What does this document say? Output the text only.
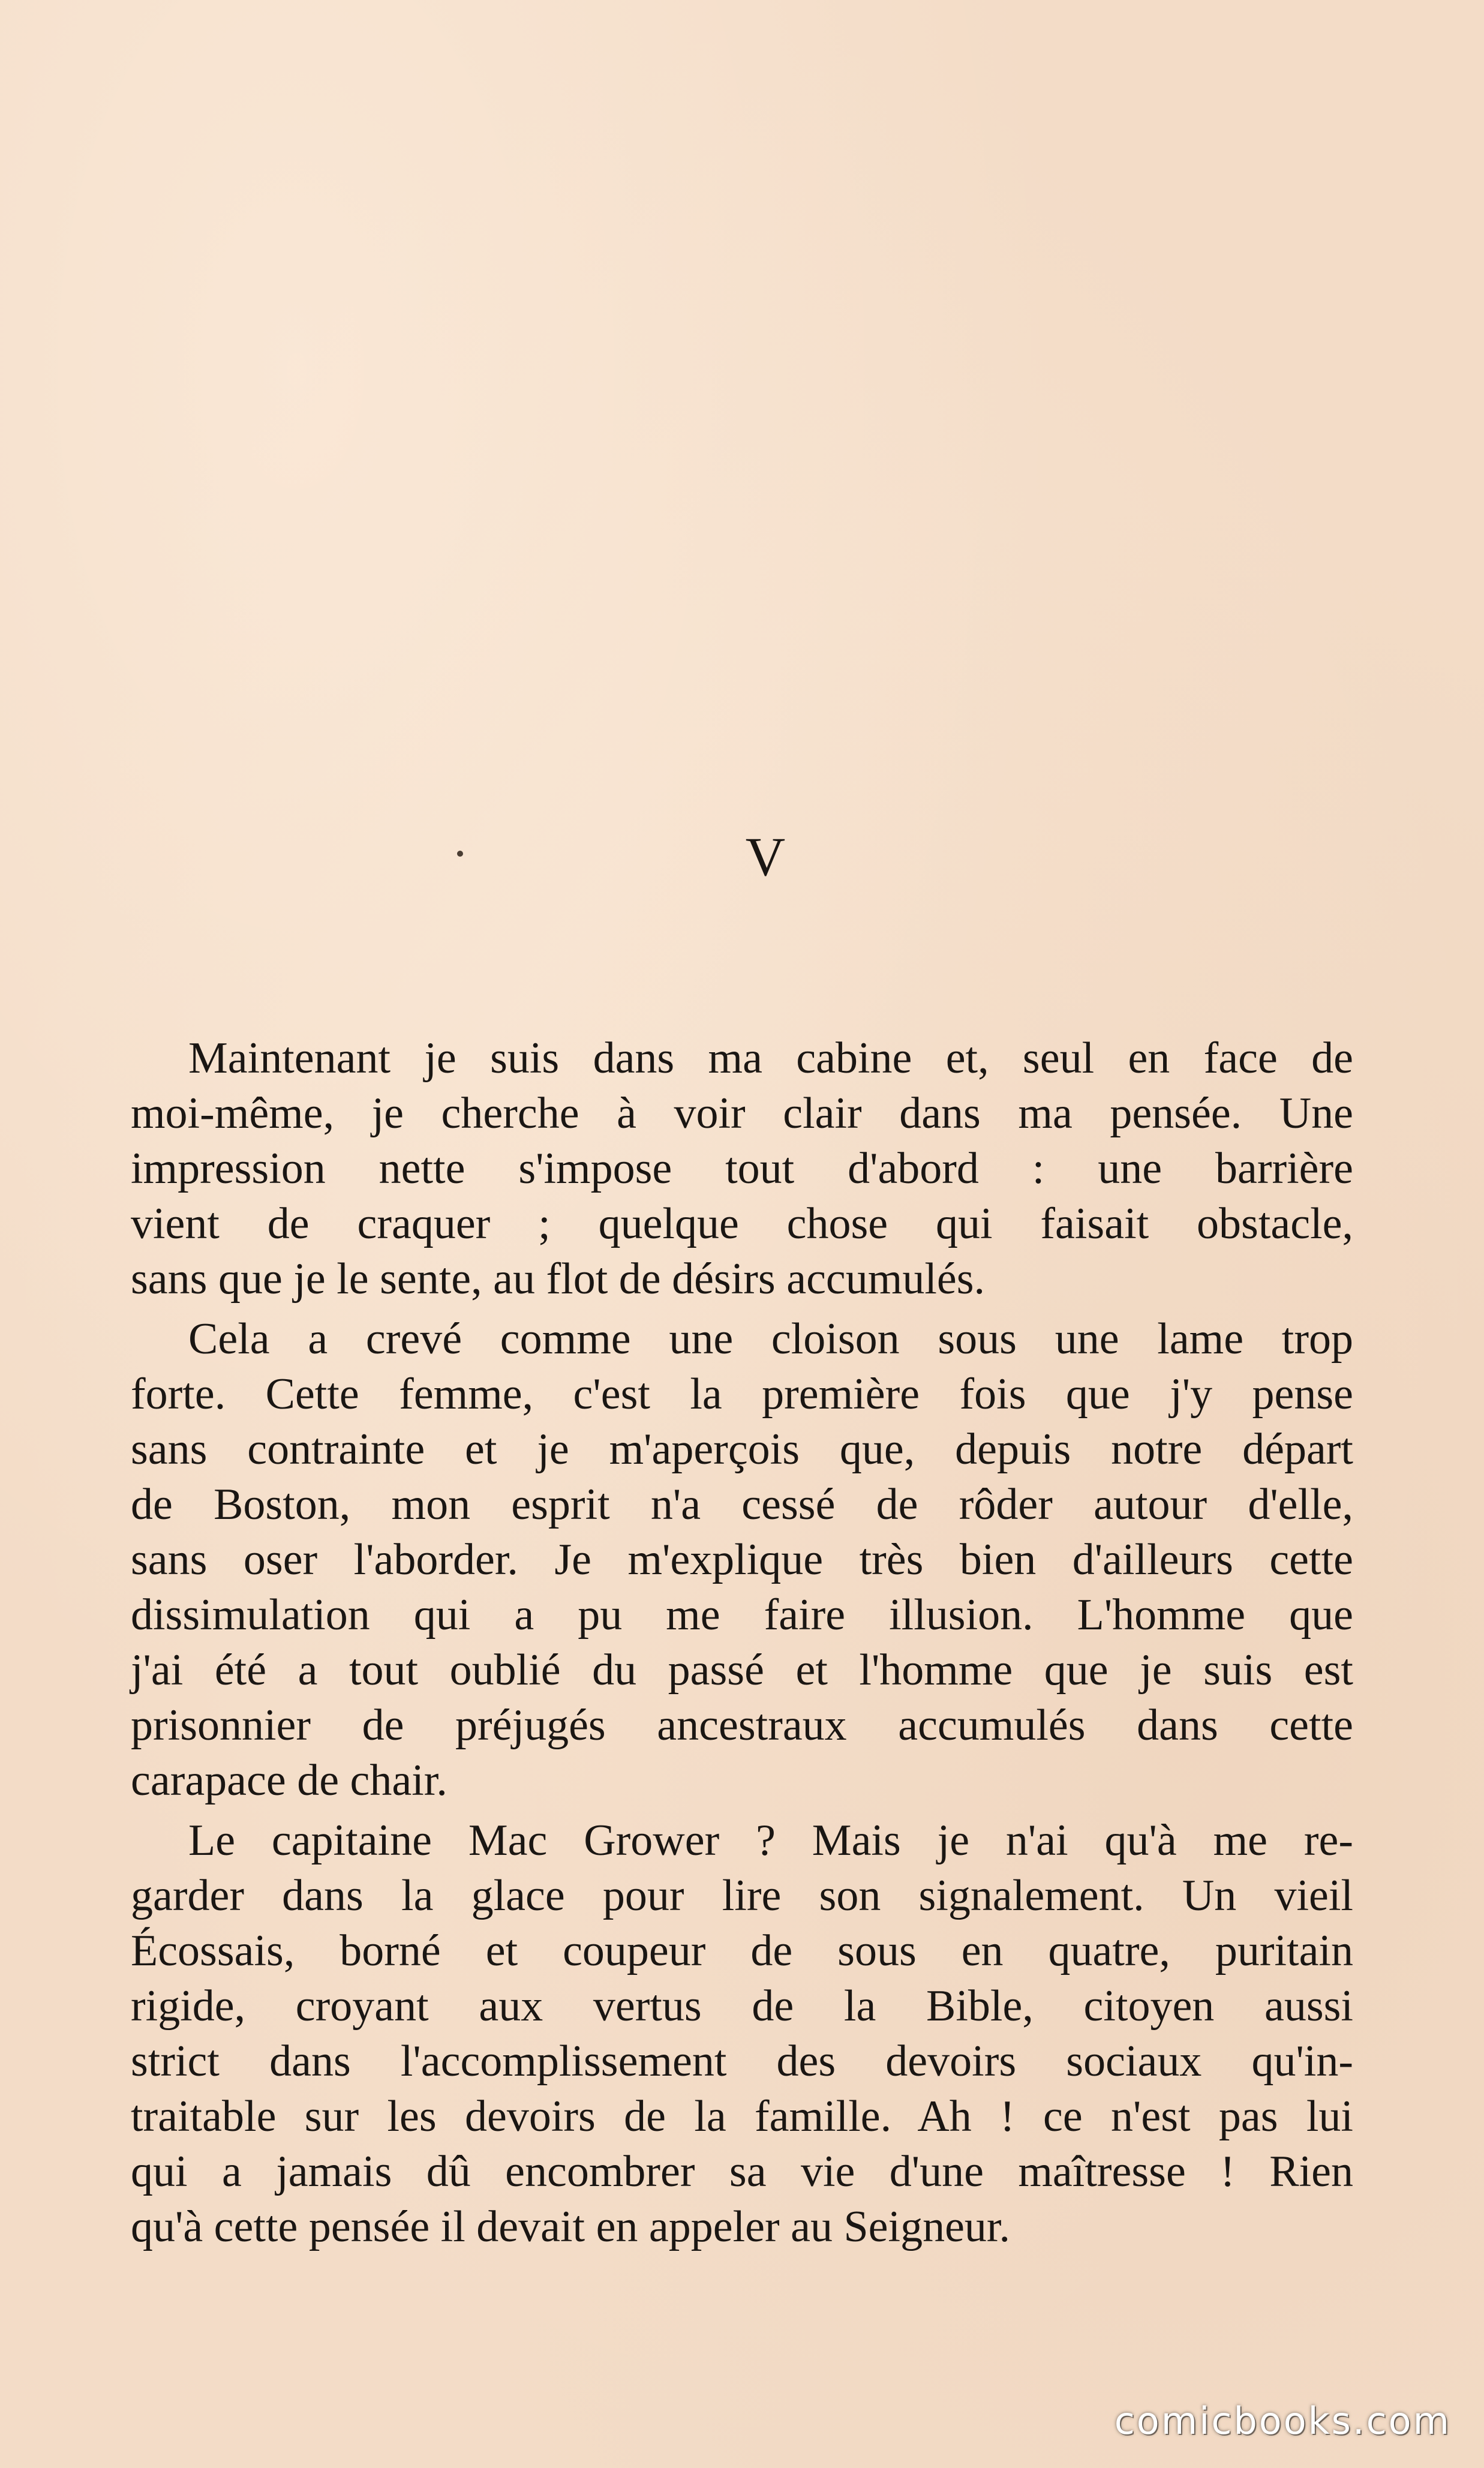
V

Maintenant je suis dans ma cabine et, seul en face de
moi-même, je cherche à voir clair dans ma pensée. Une
impression nette s'impose tout d'abord : une barrière
vient de craquer ; quelque chose qui faisait obstacle,
sans que je le sente, au flot de désirs accumulés.

Cela a crevé comme une cloison sous une lame trop
forte. Cette femme, c'est la première fois que j'y pense
sans contrainte et je m'aperçois que, depuis notre départ
de Boston, mon esprit n'a cessé de rôder autour d'elle,
sans oser l'aborder. Je m'explique très bien d'ailleurs cette
dissimulation qui a pu me faire illusion. L'homme que
j'ai été a tout oublié du passé et l'homme que je suis est
prisonnier de préjugés ancestraux accumulés dans cette
carapace de chair.

Le capitaine Mac Grower ? Mais je n'ai qu'à me re-
garder dans la glace pour lire son signalement. Un vieil
Écossais, borné et coupeur de sous en quatre, puritain
rigide, croyant aux vertus de la Bible, citoyen aussi
strict dans l'accomplissement des devoirs sociaux qu'in-
traitable sur les devoirs de la famille. Ah ! ce n'est pas lui
qui a jamais dû encombrer sa vie d'une maîtresse ! Rien
qu'à cette pensée il devait en appeler au Seigneur.

comicbooks.com
